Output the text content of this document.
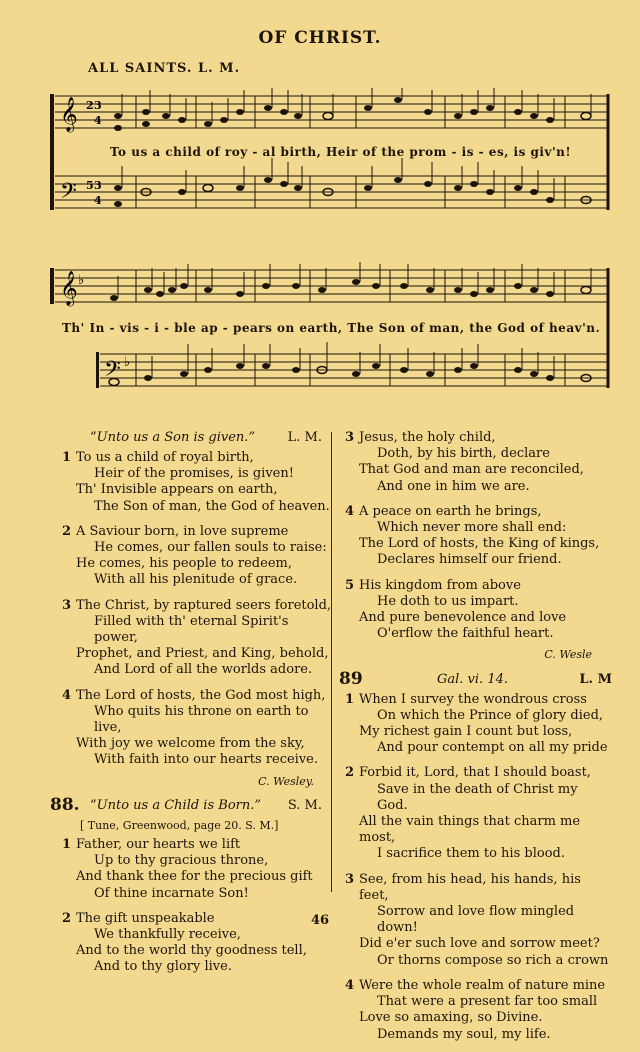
OF CHRIST.
ALL SAINTS. L. M.
𝄞
𝄢
2 3
4
5 3
4
To us a child of roy - al birth, Heir of the prom - is - es, is giv'n!
𝄞 ♭
𝄢 ♭
Th' In - vis - i - ble ap - pears on earth, The Son of man, the God of heav'n.
“Unto us a Son is given.”	L. M.
1 To us a child of royal birth,
Heir of the promises, is given!
Th' Invisible appears on earth,
The Son of man, the God of heaven.
2 A Saviour born, in love supreme
He comes, our fallen souls to raise:
He comes, his people to redeem,
With all his plenitude of grace.
3 The Christ, by raptured seers foretold,
Filled with th' eternal Spirit's power,
Prophet, and Priest, and King, behold,
And Lord of all the worlds adore.
4 The Lord of hosts, the God most high,
Who quits his throne on earth to live,
With joy we welcome from the sky,
With faith into our hearts receive.
C. Wesley.
88. “Unto us a Child is Born.” S. M.
[ Tune, Greenwood, page 20. S. M.]
1 Father, our hearts we lift
Up to thy gracious throne,
And thank thee for the precious gift
Of thine incarnate Son!
2 The gift unspeakable
We thankfully receive,
And to the world thy goodness tell,
And to thy glory live.
3 Jesus, the holy child,
Doth, by his birth, declare
That God and man are reconciled,
And one in him we are.
4 A peace on earth he brings,
Which never more shall end:
The Lord of hosts, the King of kings,
Declares himself our friend.
5 His kingdom from above
He doth to us impart.
And pure benevolence and love
O'erflow the faithful heart.
C. Wesle
89	Gal. vi. 14.	L. M
1 When I survey the wondrous cross
On which the Prince of glory died,
My richest gain I count but loss,
And pour contempt on all my pride
2 Forbid it, Lord, that I should boast,
Save in the death of Christ my God.
All the vain things that charm me most,
I sacrifice them to his blood.
3 See, from his head, his hands, his feet,
Sorrow and love flow mingled down!
Did e'er such love and sorrow meet?
Or thorns compose so rich a crown
4 Were the whole realm of nature mine
That were a present far too small
Love so amaxing, so Divine.
Demands my soul, my life.
46
